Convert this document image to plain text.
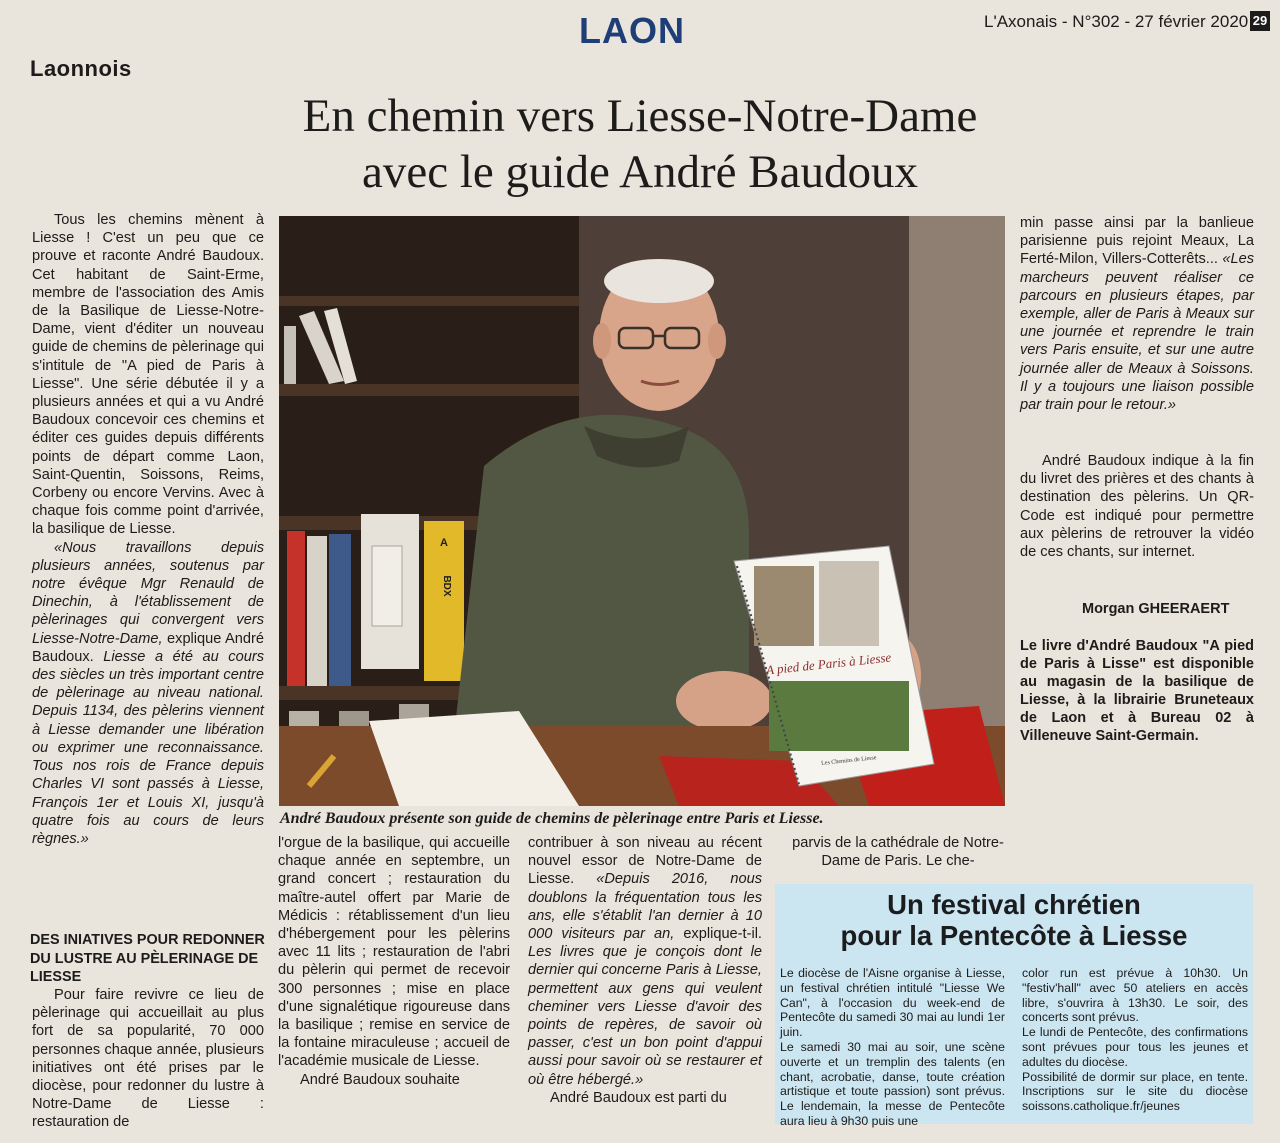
LAON	L'Axonais - N°302 - 27 février 2020 29
Laonnois
En chemin vers Liesse-Notre-Dame
avec le guide André Baudoux
A
BDX
A pied de Paris à Liesse
Les Chemins de Liesse
André Baudoux présente son guide de chemins de pèlerinage entre Paris et Liesse.

Tous les chemins mènent à Liesse ! C'est un peu que ce prouve et raconte André Baudoux. Cet habitant de Saint-Erme, membre de l'association des Amis de la Basilique de Liesse-Notre-Dame, vient d'éditer un nouveau guide de chemins de pèlerinage qui s'intitule de "A pied de Paris à Liesse". Une série débutée il y a plusieurs années et qui a vu André Baudoux concevoir ces chemins et éditer ces guides depuis différents points de départ comme Laon, Saint-Quentin, Soissons, Reims, Corbeny ou encore Vervins. Avec à chaque fois comme point d'arrivée, la basilique de Liesse.

«Nous travaillons depuis plusieurs années, soutenus par notre évêque Mgr Renauld de Dinechin, à l'établissement de pèlerinages qui convergent vers Liesse-Notre-Dame, explique André Baudoux. Liesse a été au cours des siècles un très important centre de pèlerinage au niveau national. Depuis 1134, des pèlerins viennent à Liesse demander une libération ou exprimer une reconnaissance. Tous nos rois de France depuis Charles VI sont passés à Liesse, François 1er et Louis XI, jusqu'à quatre fois au cours de leurs règnes.»

DES INIATIVES POUR REDONNER DU LUSTRE AU PÈLERINAGE DE LIESSE

Pour faire revivre ce lieu de pèlerinage qui accueillait au plus fort de sa popularité, 70 000 personnes chaque année, plusieurs initiatives ont été prises par le diocèse, pour redonner du lustre à Notre-Dame de Liesse : restauration de

l'orgue de la basilique, qui accueille chaque année en septembre, un grand concert ; restauration du maître-autel offert par Marie de Médicis : rétablissement d'un lieu d'hébergement pour les pèlerins avec 11 lits ; restauration de l'abri du pèlerin qui permet de recevoir 300 personnes ; mise en place d'une signalétique rigoureuse dans la basilique ; remise en service de la fontaine miraculeuse ; accueil de l'académie musicale de Liesse.

André Baudoux souhaite

contribuer à son niveau au récent nouvel essor de Notre-Dame de Liesse. «Depuis 2016, nous doublons la fréquentation tous les ans, elle s'établit l'an dernier à 10 000 visiteurs par an, explique-t-il. Les livres que je conçois dont le dernier qui concerne Paris à Liesse, permettent aux gens qui veulent cheminer vers Liesse d'avoir des points de repères, de savoir où passer, c'est un bon point d'appui aussi pour savoir où se restaurer et où être hébergé.»

André Baudoux est parti du

parvis de la cathédrale de Notre-Dame de Paris. Le che-

min passe ainsi par la banlieue parisienne puis rejoint Meaux, La Ferté-Milon, Villers-Cotterêts... «Les marcheurs peuvent réaliser ce parcours en plusieurs étapes, par exemple, aller de Paris à Meaux sur une journée et reprendre le train vers Paris ensuite, et sur une autre journée aller de Meaux à Soissons. Il y a toujours une liaison possible par train pour le retour.»

André Baudoux indique à la fin du livret des prières et des chants à destination des pèlerins. Un QR-Code est indiqué pour permettre aux pèlerins de retrouver la vidéo de ces chants, sur internet.

Morgan GHEERAERT
Le livre d'André Baudoux "A pied de Paris à Lisse" est disponible au magasin de la basilique de Liesse, à la librairie Bruneteaux de Laon et à Bureau 02 à Villeneuve Saint-Germain.
Un festival chrétien
pour la Pentecôte à Liesse

Le diocèse de l'Aisne organise à Liesse, un festival chrétien intitulé "Liesse We Can", à l'occasion du week-end de Pentecôte du samedi 30 mai au lundi 1er juin.

Le samedi 30 mai au soir, une scène ouverte et un tremplin des talents (en chant, acrobatie, danse, toute création artistique et toute passion) sont prévus. Le lendemain, la messe de Pentecôte aura lieu à 9h30 puis une

color run est prévue à 10h30. Un "festiv'hall" avec 50 ateliers en accès libre, s'ouvrira à 13h30. Le soir, des concerts sont prévus.

Le lundi de Pentecôte, des confirmations sont prévues pour tous les jeunes et adultes du diocèse.

Possibilité de dormir sur place, en tente. Inscriptions sur le site du diocèse soissons.catholique.fr/jeunes
